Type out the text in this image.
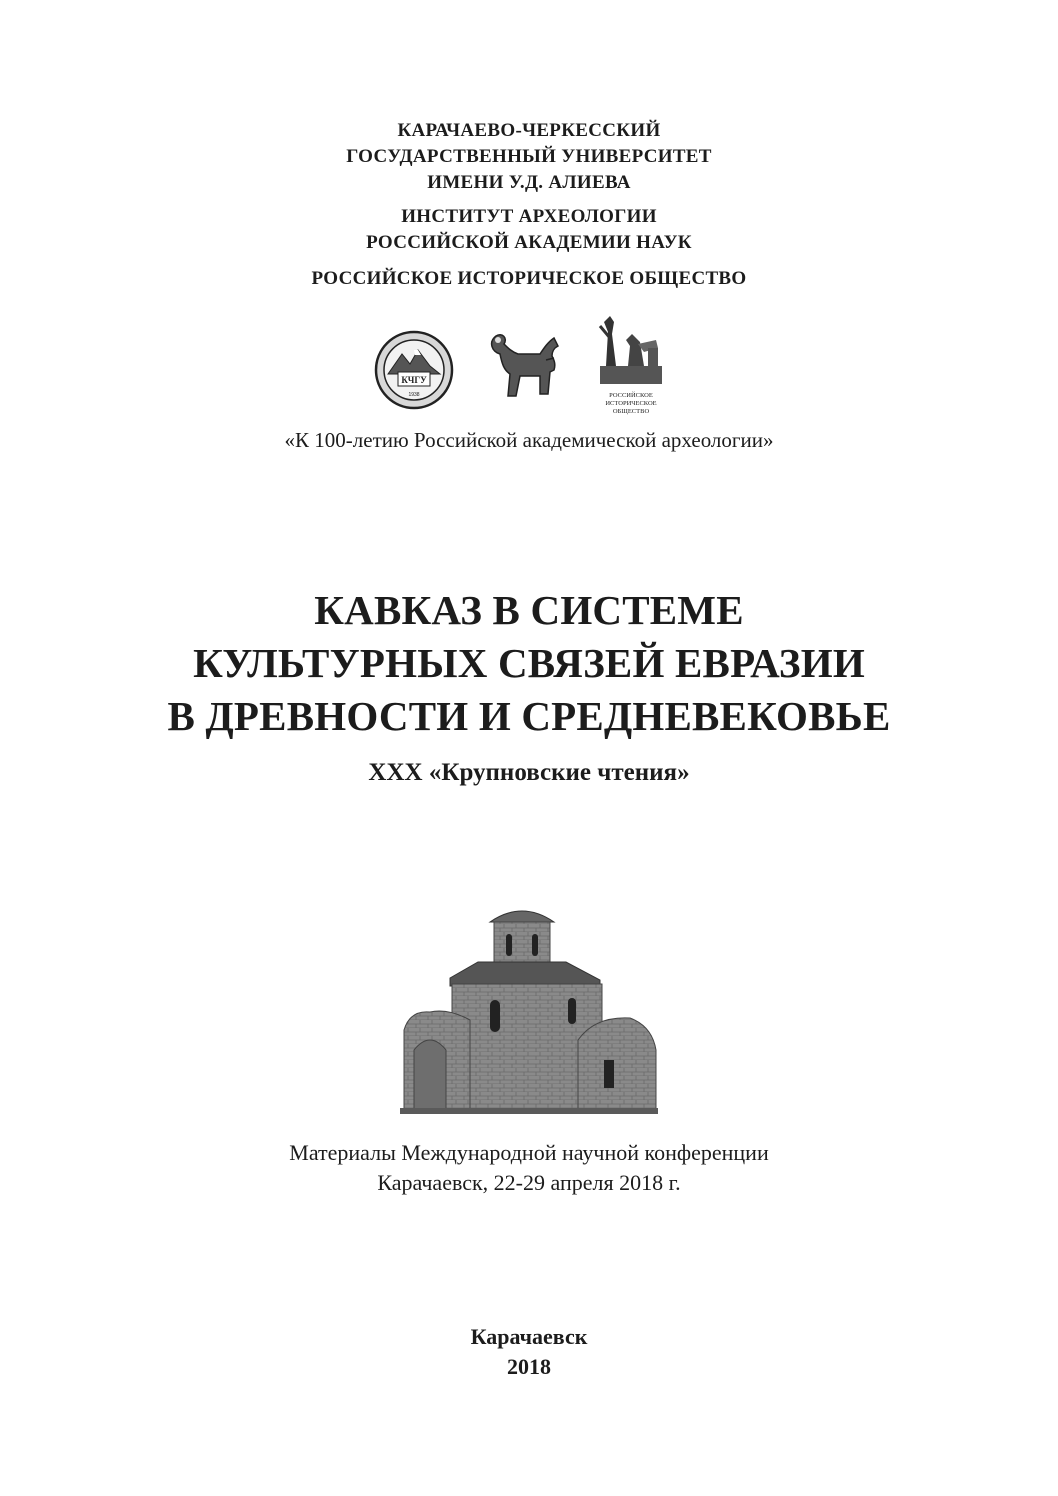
КАРАЧАЕВО-ЧЕРКЕССКИЙ
ГОСУДАРСТВЕННЫЙ УНИВЕРСИТЕТ
ИМЕНИ У.Д. АЛИЕВА
ИНСТИТУТ АРХЕОЛОГИИ
РОССИЙСКОЙ АКАДЕМИИ НАУК
РОССИЙСКОЕ ИСТОРИЧЕСКОЕ ОБЩЕСТВО
КЧГУ
1938	РОССИЙСКОЕ
ИСТОРИЧЕСКОЕ
ОБЩЕСТВО
«К 100-летию Российской академической археологии»
КАВКАЗ В СИСТЕМЕ
КУЛЬТУРНЫХ СВЯЗЕЙ ЕВРАЗИИ
В ДРЕВНОСТИ И СРЕДНЕВЕКОВЬЕ
XXX «Крупновские чтения»
Материалы Международной научной конференции
Карачаевск, 22-29 апреля 2018 г.
Карачаевск
2018
